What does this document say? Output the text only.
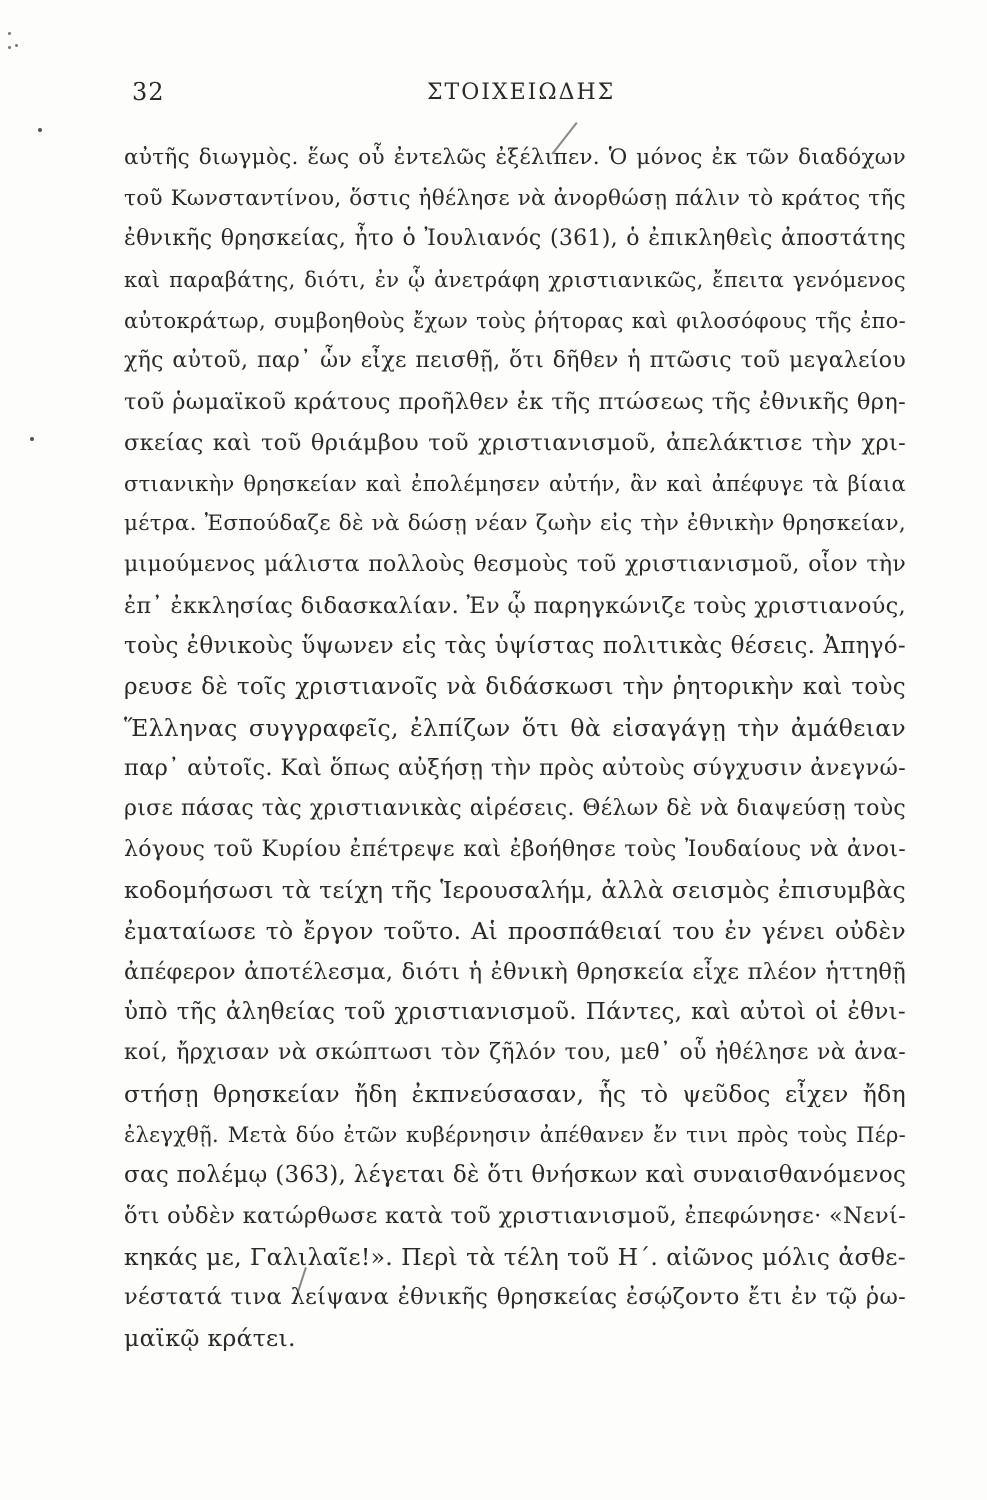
32	ΣΤΟΙΧΕΙΩΔΗΣ
αὐτῆς διωγμὸς. ἕως οὗ ἐντελῶς ἐξέλιπεν. Ὁ μόνος ἐκ τῶν διαδόχων
τοῦ Κωνσταντίνου, ὅστις ἠθέλησε νὰ ἀνορθώσῃ πάλιν τὸ κράτος τῆς
ἐθνικῆς θρησκείας, ἦτο ὁ Ἰουλιανός (361), ὁ ἐπικληθεὶς ἀποστάτης
καὶ παραβάτης, διότι, ἐν ᾧ ἀνετράφη χριστιανικῶς, ἔπειτα γενόμενος
αὐτοκράτωρ, συμβοηθοὺς ἔχων τοὺς ῥήτορας καὶ φιλοσόφους τῆς ἐπο-
χῆς αὐτοῦ, παρ᾽ ὧν εἶχε πεισθῇ, ὅτι δῆθεν ἡ πτῶσις τοῦ μεγαλείου
τοῦ ῥωμαϊκοῦ κράτους προῆλθεν ἐκ τῆς πτώσεως τῆς ἐθνικῆς θρη-
σκείας καὶ τοῦ θριάμβου τοῦ χριστιανισμοῦ, ἀπελάκτισε τὴν χρι-
στιανικὴν θρησκείαν καὶ ἐπολέμησεν αὐτήν, ἂν καὶ ἀπέφυγε τὰ βίαια
μέτρα. Ἐσπούδαζε δὲ νὰ δώσῃ νέαν ζωὴν εἰς τὴν ἐθνικὴν θρησκείαν,
μιμούμενος μάλιστα πολλοὺς θεσμοὺς τοῦ χριστιανισμοῦ, οἷον τὴν
ἐπ᾽ ἐκκλησίας διδασκαλίαν. Ἐν ᾧ παρηγκώνιζε τοὺς χριστιανούς,
τοὺς ἐθνικοὺς ὕψωνεν εἰς τὰς ὑψίστας πολιτικὰς θέσεις. Ἀπηγό-
ρευσε δὲ τοῖς χριστιανοῖς νὰ διδάσκωσι τὴν ῥητορικὴν καὶ τοὺς
Ἕλληνας συγγραφεῖς, ἐλπίζων ὅτι θὰ εἰσαγάγῃ τὴν ἀμάθειαν
παρ᾽ αὐτοῖς. Καὶ ὅπως αὐξήσῃ τὴν πρὸς αὐτοὺς σύγχυσιν ἀνεγνώ-
ρισε πάσας τὰς χριστιανικὰς αἱρέσεις. Θέλων δὲ νὰ διαψεύσῃ τοὺς
λόγους τοῦ Κυρίου ἐπέτρεψε καὶ ἐβοήθησε τοὺς Ἰουδαίους νὰ ἀνοι-
κοδομήσωσι τὰ τείχη τῆς Ἱερουσαλήμ, ἀλλὰ σεισμὸς ἐπισυμβὰς
ἐματαίωσε τὸ ἔργον τοῦτο. Αἱ προσπάθειαί του ἐν γένει οὐδὲν
ἀπέφερον ἀποτέλεσμα, διότι ἡ ἐθνικὴ θρησκεία εἶχε πλέον ἡττηθῇ
ὑπὸ τῆς ἀληθείας τοῦ χριστιανισμοῦ. Πάντες, καὶ αὐτοὶ οἱ ἐθνι-
κοί, ἤρχισαν νὰ σκώπτωσι τὸν ζῆλόν του, μεθ᾽ οὗ ἠθέλησε νὰ ἀνα-
στήσῃ θρησκείαν ἤδη ἐκπνεύσασαν, ἧς τὸ ψεῦδος εἶχεν ἤδη
ἐλεγχθῇ. Μετὰ δύο ἐτῶν κυβέρνησιν ἀπέθανεν ἔν τινι πρὸς τοὺς Πέρ-
σας πολέμῳ (363), λέγεται δὲ ὅτι θνήσκων καὶ συναισθανόμενος
ὅτι οὐδὲν κατώρθωσε κατὰ τοῦ χριστιανισμοῦ, ἐπεφώνησε· «Νενί-
κηκάς με, Γαλιλαῖε!». Περὶ τὰ τέλη τοῦ Η΄. αἰῶνος μόλις ἀσθε-
νέστατά τινα λείψανα ἐθνικῆς θρησκείας ἐσῴζοντο ἔτι ἐν τῷ ῥω-
μαϊκῷ κράτει.
